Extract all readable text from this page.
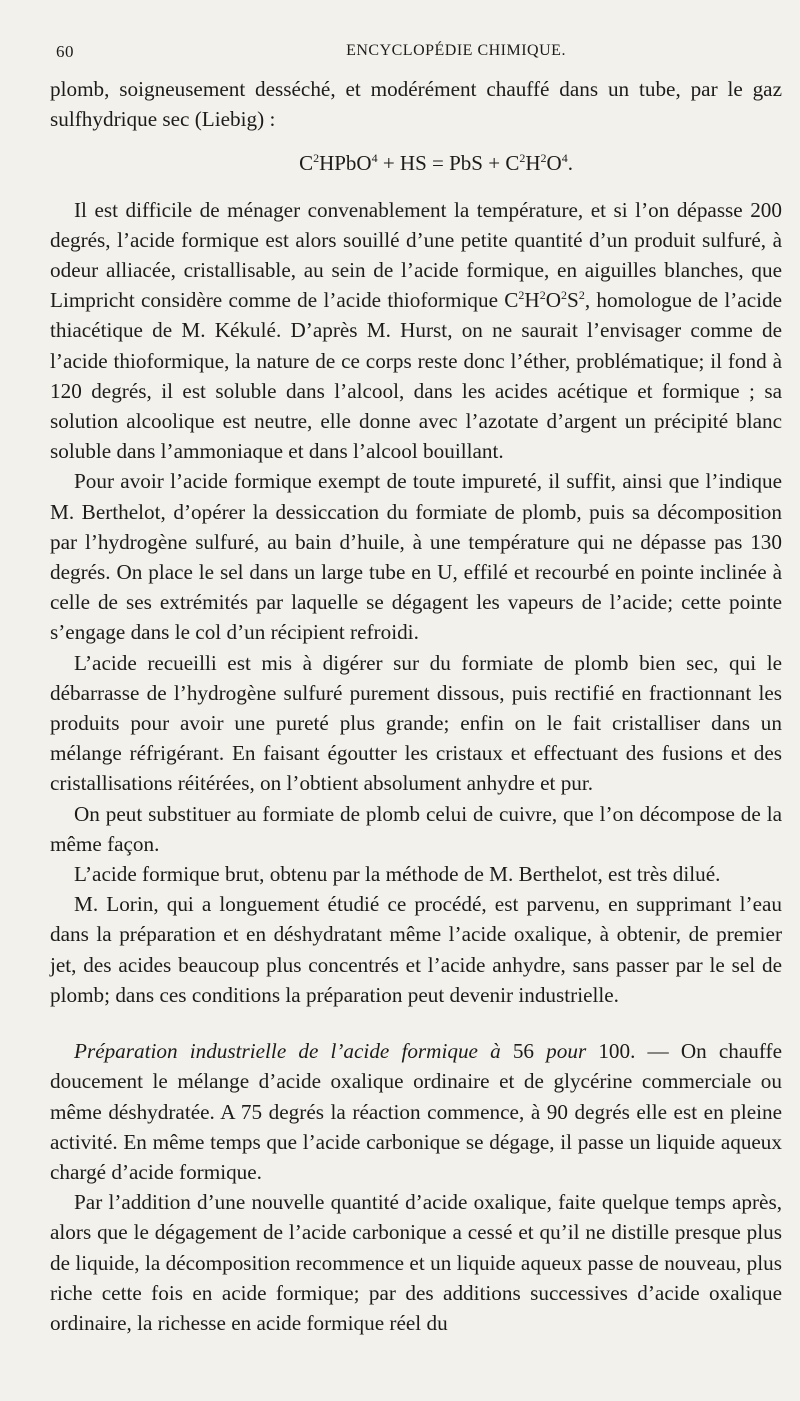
60	ENCYCLOPÉDIE CHIMIQUE.

plomb, soigneusement desséché, et modérément chauffé dans un tube, par le gaz sulfhydrique sec (Liebig) :

$C^2HPbO^4$ + HS = PbS + $C^2H^2O^4$.

Il est difficile de ménager convenablement la température, et si l’on dépasse 200 degrés, l’acide formique est alors souillé d’une petite quantité d’un produit sulfuré, à odeur alliacée, cristallisable, au sein de l’acide formique, en aiguilles blanches, que Limpricht considère comme de l’acide thioformique $C^2H^2O^2S^2$, homologue de l’acide thiacétique de M. Kékulé. D’après M. Hurst, on ne saurait l’envisager comme de l’acide thioformique, la nature de ce corps reste donc l’éther, problématique; il fond à 120 degrés, il est soluble dans l’alcool, dans les acides acétique et formique ; sa solution alcoolique est neutre, elle donne avec l’azotate d’argent un précipité blanc soluble dans l’ammoniaque et dans l’alcool bouillant.

Pour avoir l’acide formique exempt de toute impureté, il suffit, ainsi que l’indique M. Berthelot, d’opérer la dessiccation du formiate de plomb, puis sa décomposition par l’hydrogène sulfuré, au bain d’huile, à une température qui ne dépasse pas 130 degrés. On place le sel dans un large tube en U, effilé et recourbé en pointe inclinée à celle de ses extrémités par laquelle se dégagent les vapeurs de l’acide; cette pointe s’engage dans le col d’un récipient refroidi.

L’acide recueilli est mis à digérer sur du formiate de plomb bien sec, qui le débarrasse de l’hydrogène sulfuré purement dissous, puis rectifié en fractionnant les produits pour avoir une pureté plus grande; enfin on le fait cristalliser dans un mélange réfrigérant. En faisant égoutter les cristaux et effectuant des fusions et des cristallisations réitérées, on l’obtient absolument anhydre et pur.

On peut substituer au formiate de plomb celui de cuivre, que l’on décompose de la même façon.

L’acide formique brut, obtenu par la méthode de M. Berthelot, est très dilué.

M. Lorin, qui a longuement étudié ce procédé, est parvenu, en supprimant l’eau dans la préparation et en déshydratant même l’acide oxalique, à obtenir, de premier jet, des acides beaucoup plus concentrés et l’acide anhydre, sans passer par le sel de plomb; dans ces conditions la préparation peut devenir industrielle.

Préparation industrielle de l’acide formique à 56 pour 100. — On chauffe doucement le mélange d’acide oxalique ordinaire et de glycérine commerciale ou même déshydratée. A 75 degrés la réaction commence, à 90 degrés elle est en pleine activité. En même temps que l’acide carbonique se dégage, il passe un liquide aqueux chargé d’acide formique.

Par l’addition d’une nouvelle quantité d’acide oxalique, faite quelque temps après, alors que le dégagement de l’acide carbonique a cessé et qu’il ne distille presque plus de liquide, la décomposition recommence et un liquide aqueux passe de nouveau, plus riche cette fois en acide formique; par des additions successives d’acide oxalique ordinaire, la richesse en acide formique réel du
